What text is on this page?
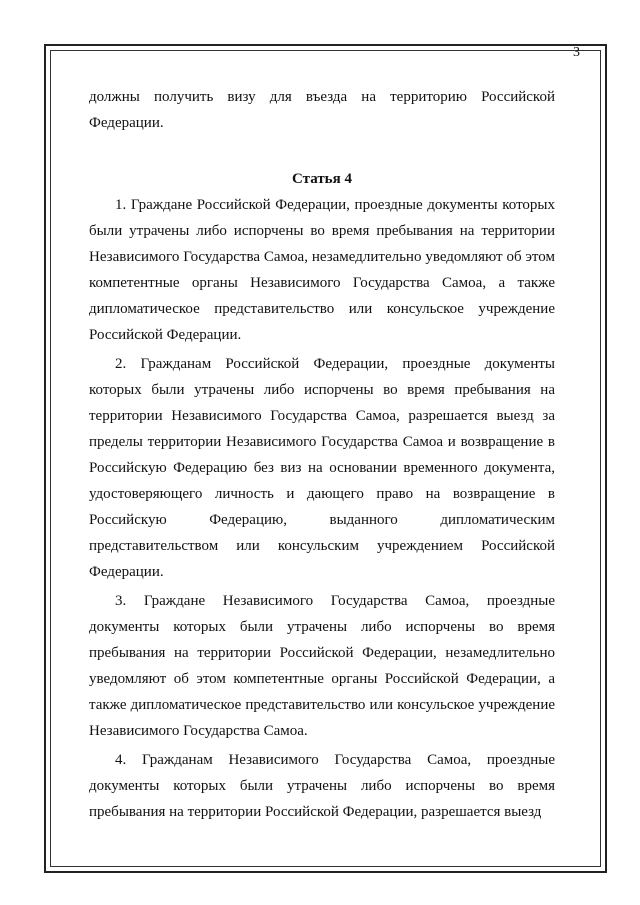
3

должны получить визу для въезда на территорию Российской Федерации.

Статья 4

1. Граждане Российской Федерации, проездные документы которых были утрачены либо испорчены во время пребывания на территории Независимого Государства Самоа, незамедлительно уведомляют об этом компетентные органы Независимого Государства Самоа, а также дипломатическое представительство или консульское учреждение Российской Федерации.

2. Гражданам Российской Федерации, проездные документы которых были утрачены либо испорчены во время пребывания на территории Независимого Государства Самоа, разрешается выезд за пределы территории Независимого Государства Самоа и возвращение в Российскую Федерацию без виз на основании временного документа, удостоверяющего личность и дающего право на возвращение в Российскую Федерацию, выданного дипломатическим представительством или консульским учреждением Российской Федерации.

3. Граждане Независимого Государства Самоа, проездные документы которых были утрачены либо испорчены во время пребывания на территории Российской Федерации, незамедлительно уведомляют об этом компетентные органы Российской Федерации, а также дипломатическое представительство или консульское учреждение Независимого Государства Самоа.

4. Гражданам Независимого Государства Самоа, проездные документы которых были утрачены либо испорчены во время пребывания на территории Российской Федерации, разрешается выезд
